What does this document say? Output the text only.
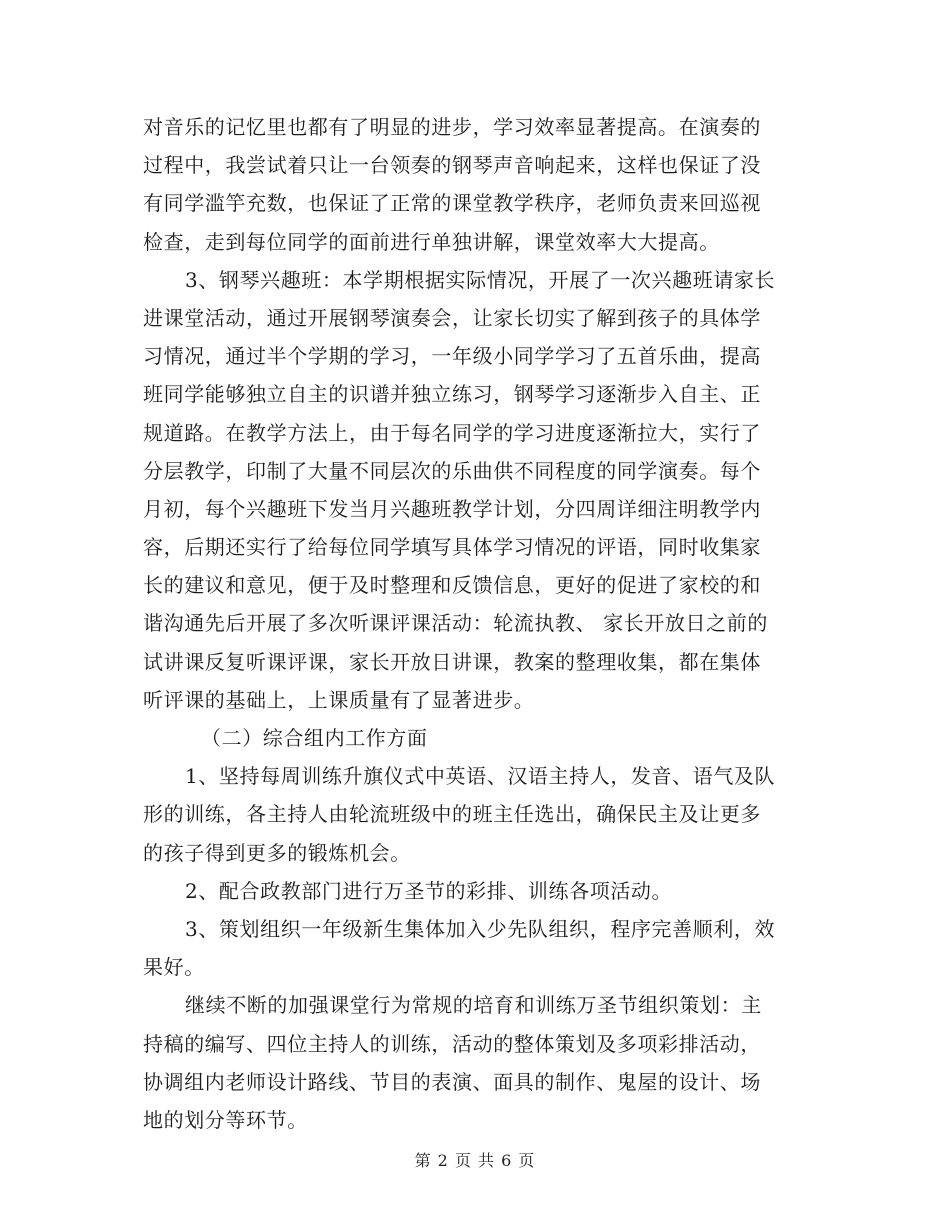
对音乐的记忆里也都有了明显的进步，学习效率显著提高。在演奏的
过程中，我尝试着只让一台领奏的钢琴声音响起来，这样也保证了没
有同学滥竽充数，也保证了正常的课堂教学秩序，老师负责来回巡视
检查，走到每位同学的面前进行单独讲解，课堂效率大大提高。
3、钢琴兴趣班：本学期根据实际情况，开展了一次兴趣班请家长
进课堂活动，通过开展钢琴演奏会，让家长切实了解到孩子的具体学
习情况，通过半个学期的学习，一年级小同学学习了五首乐曲，提高
班同学能够独立自主的识谱并独立练习，钢琴学习逐渐步入自主、正
规道路。在教学方法上，由于每名同学的学习进度逐渐拉大，实行了
分层教学，印制了大量不同层次的乐曲供不同程度的同学演奏。每个
月初，每个兴趣班下发当月兴趣班教学计划，分四周详细注明教学内
容，后期还实行了给每位同学填写具体学习情况的评语，同时收集家
长的建议和意见，便于及时整理和反馈信息，更好的促进了家校的和
谐沟通先后开展了多次听课评课活动：轮流执教、 家长开放日之前的
试讲课反复听课评课，家长开放日讲课，教案的整理收集，都在集体
听评课的基础上，上课质量有了显著进步。
（二）综合组内工作方面
1、坚持每周训练升旗仪式中英语、汉语主持人，发音、语气及队
形的训练，各主持人由轮流班级中的班主任选出，确保民主及让更多
的孩子得到更多的锻炼机会。
2、配合政教部门进行万圣节的彩排、训练各项活动。
3、策划组织一年级新生集体加入少先队组织，程序完善顺利，效
果好。
继续不断的加强课堂行为常规的培育和训练万圣节组织策划：主
持稿的编写、四位主持人的训练，活动的整体策划及多项彩排活动，
协调组内老师设计路线、节目的表演、面具的制作、鬼屋的设计、场
地的划分等环节。
第 2 页 共 6 页
